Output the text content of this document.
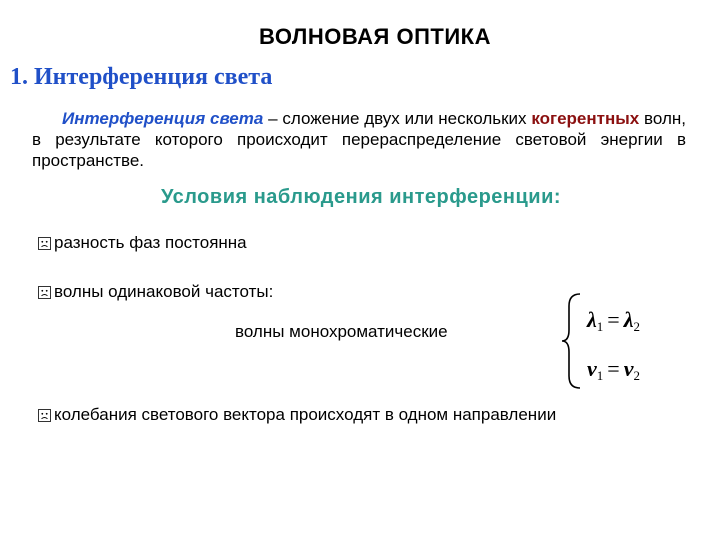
ВОЛНОВАЯ ОПТИКА
1. Интерференция света
Интерференция света – сложение двух или нескольких когерентных волн, в результате которого происходит перераспределение световой энергии в пространстве.
Условия наблюдения интерференции:
разность фаз постоянна
волны одинаковой частоты:
волны монохроматические	$\lambda_1 = \lambda_2$
$\nu_1 = \nu_2$
колебания светового вектора происходят в одном направлении
